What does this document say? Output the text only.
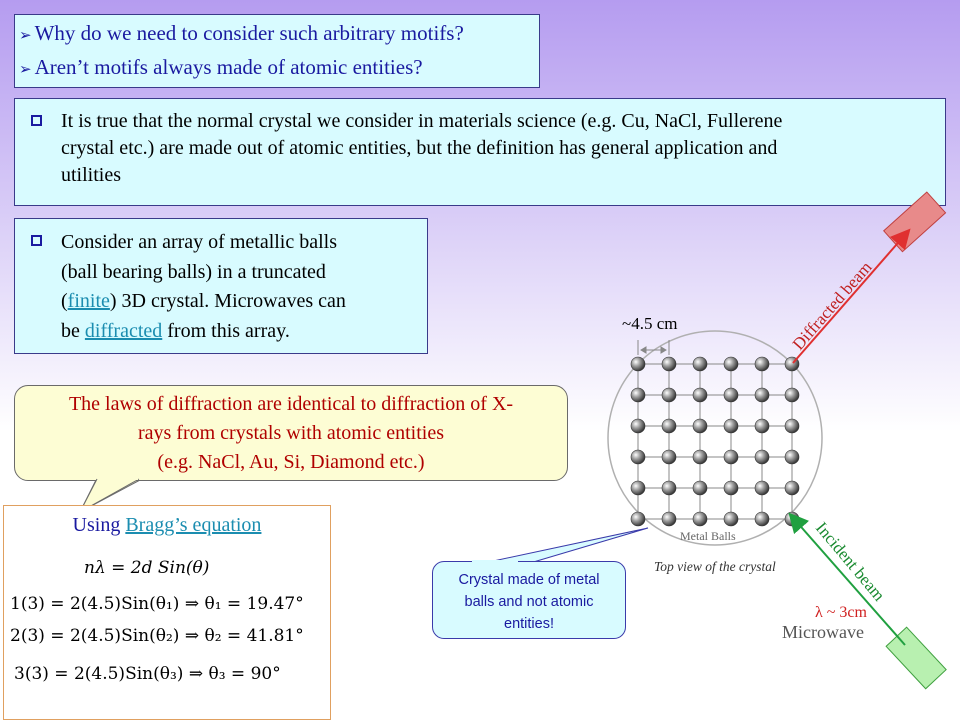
➢ Why do we need to consider such arbitrary motifs?
➢ Aren’t motifs always made of atomic entities?
It is true that the normal crystal we consider in materials science (e.g. Cu, NaCl, Fullerene
crystal etc.) are made out of atomic entities, but the definition has general application and
utilities
Consider an array of metallic balls
(ball bearing balls) in a truncated
(finite) 3D crystal. Microwaves can
be diffracted from this array.

The laws of diffraction are identical to diffraction of X-

rays from crystals with atomic entities

(e.g. NaCl, Au, Si, Diamond etc.)

Using Bragg’s equation
nλ = 2d Sin(θ)
1(3) = 2(4.5)Sin(θ₁) ⇒ θ₁ = 19.47°
2(3) = 2(4.5)Sin(θ₂) ⇒ θ₂ = 41.81°
3(3) = 2(4.5)Sin(θ₃) ⇒ θ₃ = 90°
~4.5 cm
Metal Balls
Top view of the crystal
Diffracted beam
Incident beam
λ ~ 3cm
Microwave

Crystal made of metal

balls and not atomic

entities!
